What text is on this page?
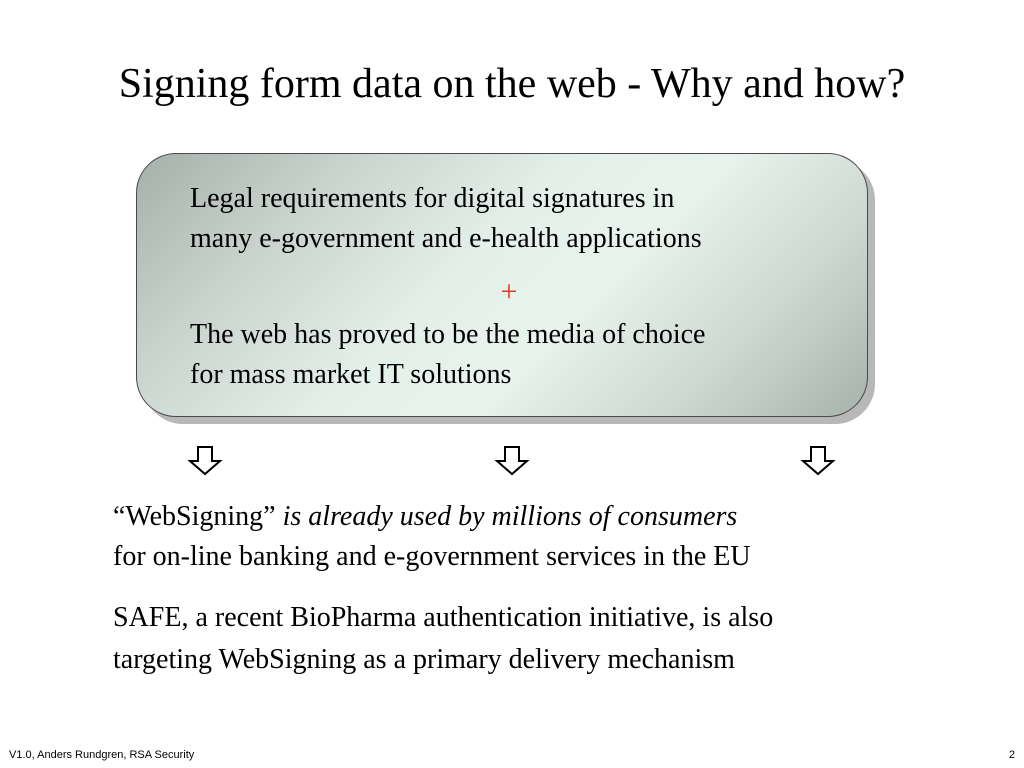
Signing form data on the web - Why and how?
Legal requirements for digital signatures in
many e-government and e-health applications
+
The web has proved to be the media of choice
for mass market IT solutions
“WebSigning” is already used by millions of consumers
for on-line banking and e-government services in the EU
SAFE, a recent BioPharma authentication initiative, is also
targeting WebSigning as a primary delivery mechanism
V1.0, Anders Rundgren, RSA Security	2
